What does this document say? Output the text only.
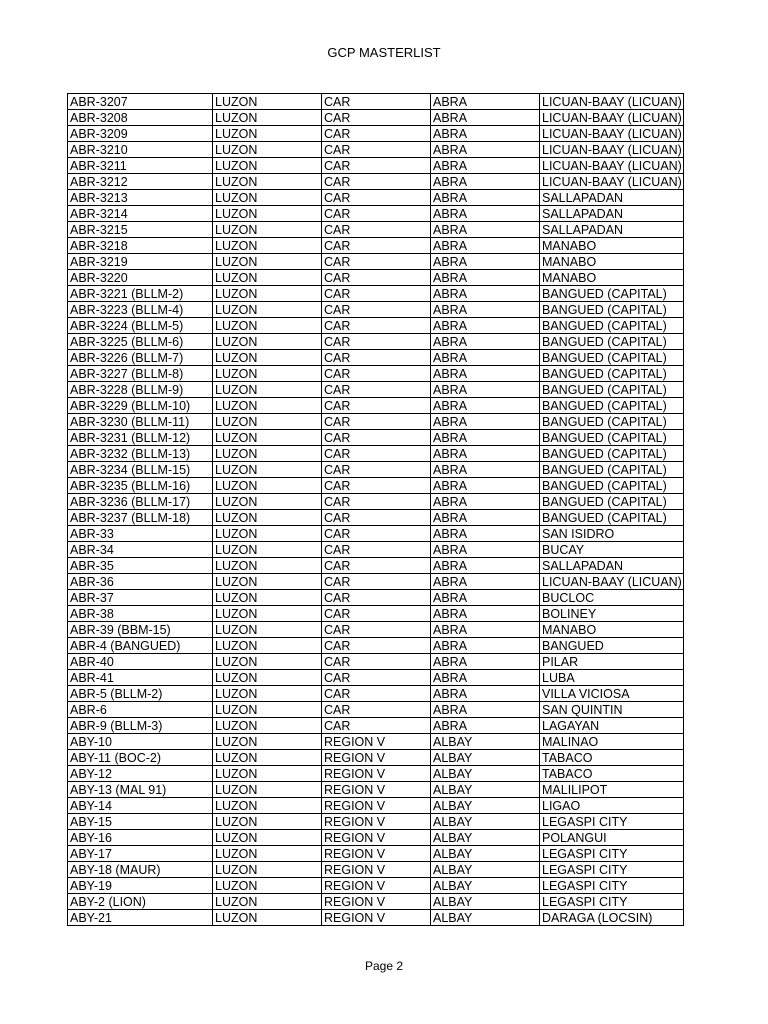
GCP MASTERLIST
ABR-3207	LUZON	CAR	ABRA	LICUAN-BAAY (LICUAN)
ABR-3208	LUZON	CAR	ABRA	LICUAN-BAAY (LICUAN)
ABR-3209	LUZON	CAR	ABRA	LICUAN-BAAY (LICUAN)
ABR-3210	LUZON	CAR	ABRA	LICUAN-BAAY (LICUAN)
ABR-3211	LUZON	CAR	ABRA	LICUAN-BAAY (LICUAN)
ABR-3212	LUZON	CAR	ABRA	LICUAN-BAAY (LICUAN)
ABR-3213	LUZON	CAR	ABRA	SALLAPADAN
ABR-3214	LUZON	CAR	ABRA	SALLAPADAN
ABR-3215	LUZON	CAR	ABRA	SALLAPADAN
ABR-3218	LUZON	CAR	ABRA	MANABO
ABR-3219	LUZON	CAR	ABRA	MANABO
ABR-3220	LUZON	CAR	ABRA	MANABO
ABR-3221 (BLLM-2)	LUZON	CAR	ABRA	BANGUED (CAPITAL)
ABR-3223 (BLLM-4)	LUZON	CAR	ABRA	BANGUED (CAPITAL)
ABR-3224 (BLLM-5)	LUZON	CAR	ABRA	BANGUED (CAPITAL)
ABR-3225 (BLLM-6)	LUZON	CAR	ABRA	BANGUED (CAPITAL)
ABR-3226 (BLLM-7)	LUZON	CAR	ABRA	BANGUED (CAPITAL)
ABR-3227 (BLLM-8)	LUZON	CAR	ABRA	BANGUED (CAPITAL)
ABR-3228 (BLLM-9)	LUZON	CAR	ABRA	BANGUED (CAPITAL)
ABR-3229 (BLLM-10)	LUZON	CAR	ABRA	BANGUED (CAPITAL)
ABR-3230 (BLLM-11)	LUZON	CAR	ABRA	BANGUED (CAPITAL)
ABR-3231 (BLLM-12)	LUZON	CAR	ABRA	BANGUED (CAPITAL)
ABR-3232 (BLLM-13)	LUZON	CAR	ABRA	BANGUED (CAPITAL)
ABR-3234 (BLLM-15)	LUZON	CAR	ABRA	BANGUED (CAPITAL)
ABR-3235 (BLLM-16)	LUZON	CAR	ABRA	BANGUED (CAPITAL)
ABR-3236 (BLLM-17)	LUZON	CAR	ABRA	BANGUED (CAPITAL)
ABR-3237 (BLLM-18)	LUZON	CAR	ABRA	BANGUED (CAPITAL)
ABR-33	LUZON	CAR	ABRA	SAN ISIDRO
ABR-34	LUZON	CAR	ABRA	BUCAY
ABR-35	LUZON	CAR	ABRA	SALLAPADAN
ABR-36	LUZON	CAR	ABRA	LICUAN-BAAY (LICUAN)
ABR-37	LUZON	CAR	ABRA	BUCLOC
ABR-38	LUZON	CAR	ABRA	BOLINEY
ABR-39 (BBM-15)	LUZON	CAR	ABRA	MANABO
ABR-4 (BANGUED)	LUZON	CAR	ABRA	BANGUED
ABR-40	LUZON	CAR	ABRA	PILAR
ABR-41	LUZON	CAR	ABRA	LUBA
ABR-5 (BLLM-2)	LUZON	CAR	ABRA	VILLA VICIOSA
ABR-6	LUZON	CAR	ABRA	SAN QUINTIN
ABR-9 (BLLM-3)	LUZON	CAR	ABRA	LAGAYAN
ABY-10	LUZON	REGION V	ALBAY	MALINAO
ABY-11 (BOC-2)	LUZON	REGION V	ALBAY	TABACO
ABY-12	LUZON	REGION V	ALBAY	TABACO
ABY-13 (MAL 91)	LUZON	REGION V	ALBAY	MALILIPOT
ABY-14	LUZON	REGION V	ALBAY	LIGAO
ABY-15	LUZON	REGION V	ALBAY	LEGASPI CITY
ABY-16	LUZON	REGION V	ALBAY	POLANGUI
ABY-17	LUZON	REGION V	ALBAY	LEGASPI CITY
ABY-18 (MAUR)	LUZON	REGION V	ALBAY	LEGASPI CITY
ABY-19	LUZON	REGION V	ALBAY	LEGASPI CITY
ABY-2 (LION)	LUZON	REGION V	ALBAY	LEGASPI CITY
ABY-21	LUZON	REGION V	ALBAY	DARAGA (LOCSIN)
Page 2
